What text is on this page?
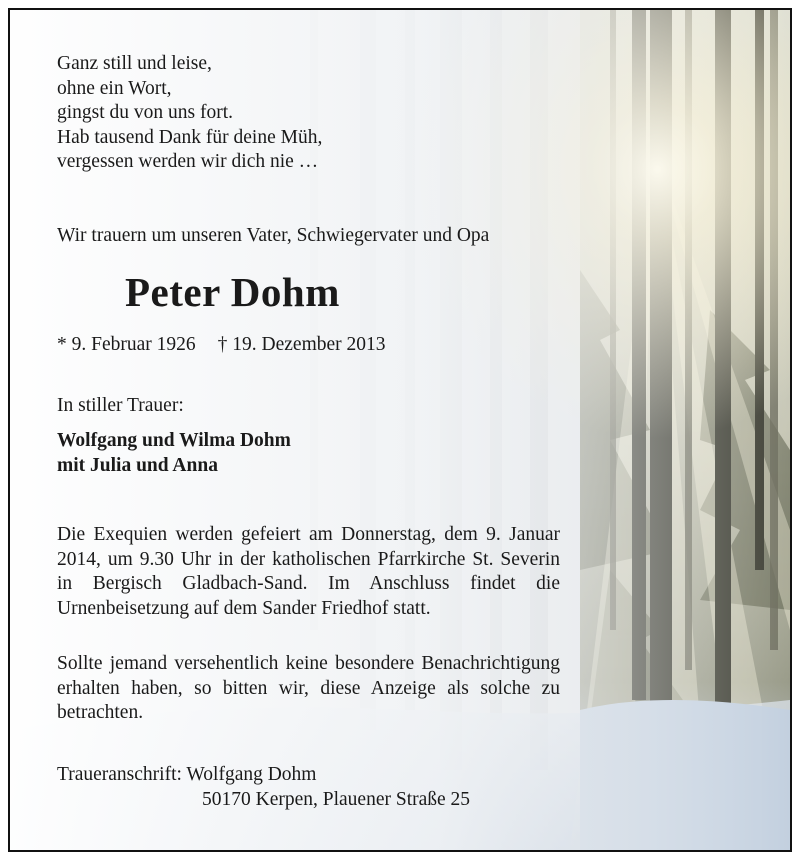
Ganz still und leise,
ohne ein Wort,
gingst du von uns fort.
Hab tausend Dank für deine Müh,
vergessen werden wir dich nie …
Wir trauern um unseren Vater, Schwiegervater und Opa
Peter Dohm
* 9. Februar 1926 † 19. Dezember 2013
In stiller Trauer:
Wolfgang und Wilma Dohm
mit Julia und Anna
Die Exequien werden gefeiert am Donnerstag, dem 9. Januar 2014, um 9.30 Uhr in der katholischen Pfarrkirche St. Severin in Bergisch Gladbach-Sand. Im Anschluss findet die Urnenbeisetzung auf dem Sander Friedhof statt.
Sollte jemand versehentlich keine besondere Benachrichtigung erhalten haben, so bitten wir, diese Anzeige als solche zu betrachten.
Traueranschrift: Wolfgang Dohm
50170 Kerpen, Plauener Straße 25
